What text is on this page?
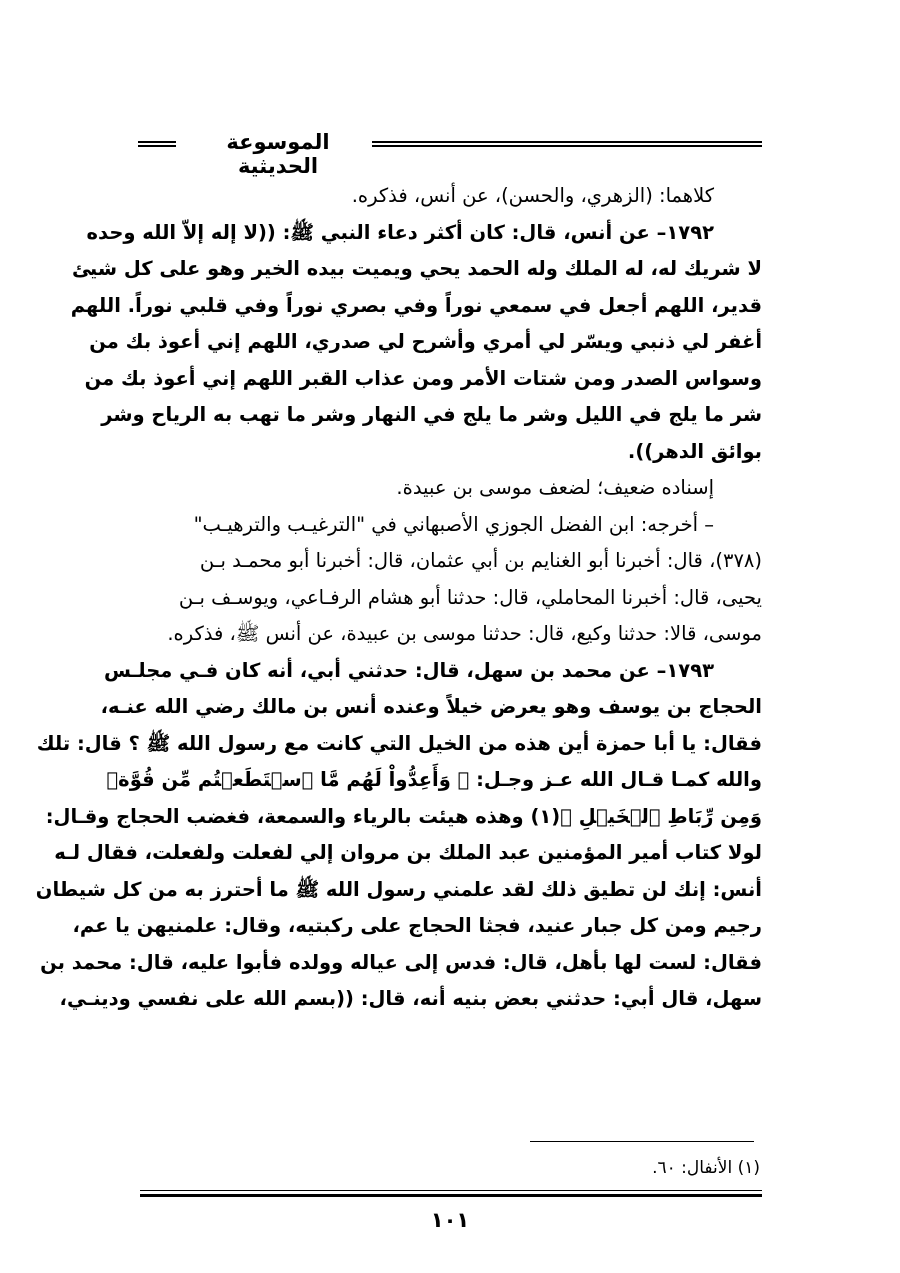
الموسوعة الحديثية
كلاهما: (الزهري، والحسن)، عن أنس، فذكره.
١٧٩٢– عن أنس، قال: كان أكثر دعاء النبي ﷺ: ((لا إله إلاّ الله وحده
لا شريك له، له الملك وله الحمد يحي ويميت بيده الخير وهو على كل شيئ
قدير، اللهم أجعل في سمعي نوراً وفي بصري نوراً وفي قلبي نوراً. اللهم
أغفر لي ذنبي ويسّر لي أمري وأشرح لي صدري، اللهم إني أعوذ بك من
وسواس الصدر ومن شتات الأمر ومن عذاب القبر اللهم إني أعوذ بك من
شر ما يلج في الليل وشر ما يلج في النهار وشر ما تهب به الرياح وشر
بوائق الدهر)).
إسناده ضعيف؛ لضعف موسى بن عبيدة.
– أخرجه: ابن الفضل الجوزي الأصبهاني في "الترغيـب والترهيـب"
(٣٧٨)، قال: أخبرنا أبو الغنايم بن أبي عثمان، قال: أخبرنا أبو محمـد بـن
يحيى، قال: أخبرنا المحاملي، قال: حدثنا أبو هشام الرفـاعي، ويوسـف بـن
موسى، قالا: حدثنا وكيع، قال: حدثنا موسى بن عبيدة، عن أنس ﷺ، فذكره.
١٧٩٣– عن محمد بن سهل، قال: حدثني أبي، أنه كان فـي مجلـس
الحجاج بن يوسف وهو يعرض خيلاً وعنده أنس بن مالك رضي الله عنـه،
فقال: يا أبا حمزة أين هذه من الخيل التي كانت مع رسول الله ﷺ ؟ قال: تلك
والله كمـا قـال الله عـز وجـل: ﴿ وَأَعِدُّواْ لَهُم مَّا ٱسۡتَطَعۡتُم مِّن قُوَّةٖ
وَمِن رِّبَاطِ ٱلۡخَيۡلِ ﴾(١) وهذه هيئت بالرياء والسمعة، فغضب الحجاج وقـال:
لولا كتاب أمير المؤمنين عبد الملك بن مروان إلي لفعلت ولفعلت، فقال لـه
أنس: إنك لن تطيق ذلك لقد علمني رسول الله ﷺ ما أحترز به من كل شيطان
رجيم ومن كل جبار عنيد، فجثا الحجاج على ركبتيه، وقال: علمنيهن يا عم،
فقال: لست لها بأهل، قال: فدس إلى عياله وولده فأبوا عليه، قال: محمد بن
سهل، قال أبي: حدثني بعض بنيه أنه، قال: ((بسم الله على نفسي ودينـي،
(١) الأنفال: ٦٠.
١٠١
